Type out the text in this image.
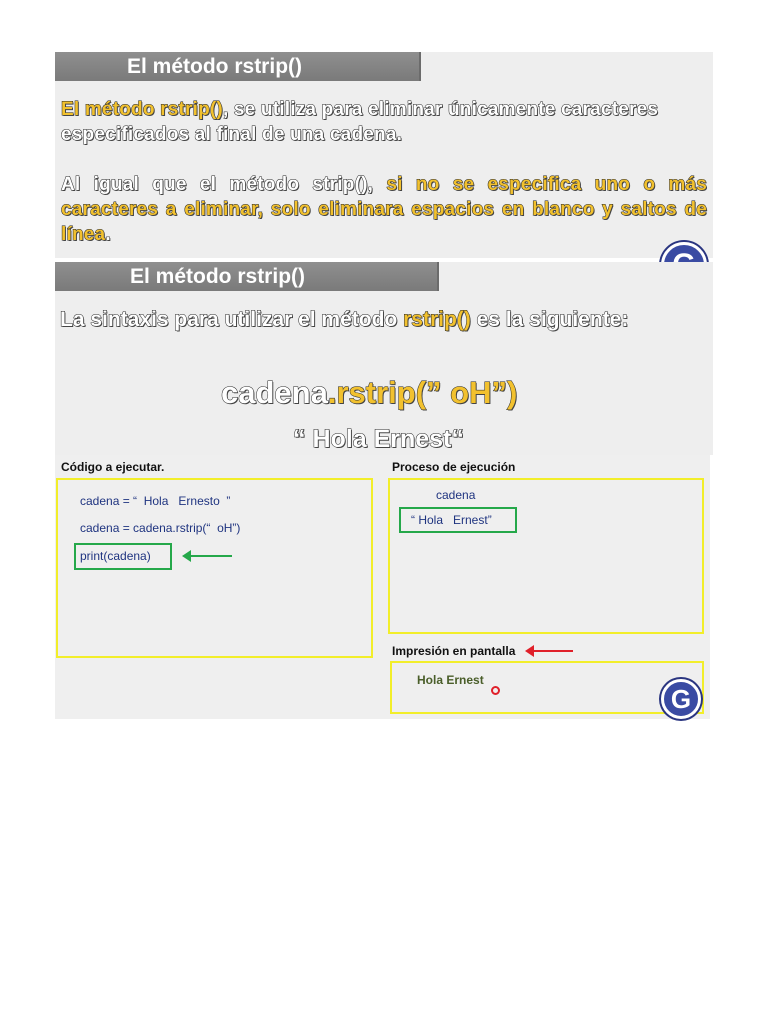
El método rstrip()
El método rstrip(), se utiliza para eliminar únicamente caracteres especificados al final de una cadena.
Al igual que el método strip(), si no se especifica uno o más caracteres a eliminar, solo eliminara espacios en blanco y saltos de línea.
El método rstrip()
La sintaxis para utilizar el método rstrip() es la siguiente:
cadena.rstrip(” oH”)
“ Hola Ernest“
Código a ejecutar.
cadena = “  Hola   Ernesto  ”
cadena = cadena.rstrip(“  oH”)
print(cadena)
Proceso de ejecución
cadena
“ Hola   Ernest”
Impresión en pantalla
Hola Ernest
G
